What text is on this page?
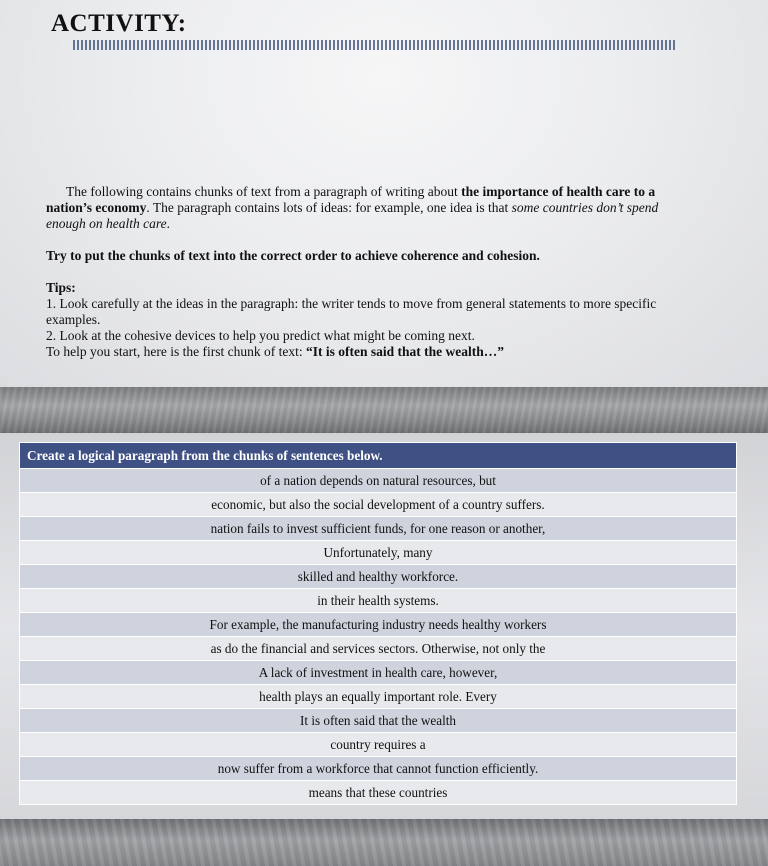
ACTIVITY:

The following contains chunks of text from a paragraph of writing about the importance of health care to a nation’s economy. The paragraph contains lots of ideas: for example, one idea is that some countries don’t spend enough on health care.

Try to put the chunks of text into the correct order to achieve coherence and cohesion.

Tips:

1. Look carefully at the ideas in the paragraph: the writer tends to move from general statements to more specific examples.

2. Look at the cohesive devices to help you predict what might be coming next.

To help you start, here is the first chunk of text: “It is often said that the wealth…”

Create a logical paragraph from the chunks of sentences below.
of a nation depends on natural resources, but
economic, but also the social development of a country suffers.
nation fails to invest sufficient funds, for one reason or another,
Unfortunately, many
skilled and healthy workforce.
in their health systems.
For example, the manufacturing industry needs healthy workers
as do the financial and services sectors. Otherwise, not only the
A lack of investment in health care, however,
health plays an equally important role. Every
It is often said that the wealth
country requires a
now suffer from a workforce that cannot function efficiently.
means that these countries
